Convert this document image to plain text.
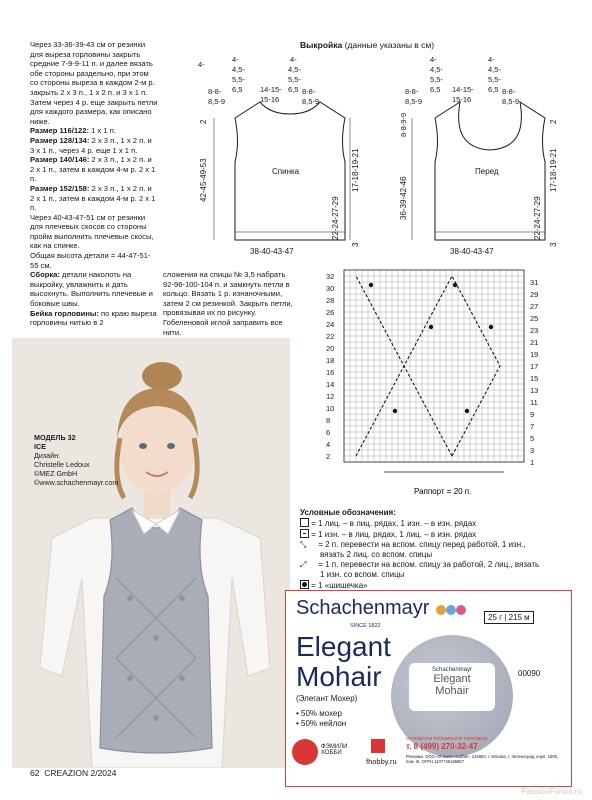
Через 33-36-39-43 см от резинки для выреза горловины закрыть средние 7-9-9-11 п. и далее вязать обе стороны раздельно, при этом со стороны выреза в каждом 2-м р. закрыть 2 х 3 п., 1 х 2 п. и 3 х 1 п. Затем через 4 р. еще закрыть петли для каждого размера, как описано ниже.

Размер 116/122: 1 х 1 п.

Размер 128/134: 2 х 3 п., 1 х 2 п. и 3 х 1 п., через 4 р. еще 1 х 1 п.

Размер 140/146: 2 х 3 п., 1 х 2 п. и 2 х 1 п., затем в каждом 4-м р. 2 х 1 п.

Размер 152/158: 2 х 3 п., 1 х 2 п. и 2 х 1 п., затем в каждом 4-м р. 2 х 1 п.

Через 40-43-47-51 см от резинки для плечевых скосов со стороны пройм выполнить плечевые скосы, как на спинке.

Общая высота детали = 44-47-51-55 см.

Сборка: детали наколоть на выкройку, увлажнить и дать высохнуть. Выполнить плечевые и боковые швы.

Бейка горловины: по краю выреза горловины нитью в 2

сложения на спицы № 3,5 набрать 92-96-100-104 п. и замкнуть петли в кольцо. Вязать 1 р. изнаночными, затем 2 см резинкой. Закрыть петли, провязывая их по рисунку. Гобеленовой иглой заправить все нити.
Выкройка (данные указаны в см)
Спинка
38-40-43-47
4-
4-
4,5-
5,5-
6,5
4-
4,5-
5,5-
6,5
8-8-
8,5-9
14-15-
15-16
8-8-
8,5-9
42-45-49-53	17-18-19-21
22-24-27-29
2
3
Перед
38-40-43-47
4-
4,5-
5,5-
6,5
4-
4,5-
5,5-
6,5
8-8-
8,5-9
14-15-
15-16
8-8-
8,5-9
8-8-9-9
36-39-42-46
17-18-19-21
22-24-27-29
2
3
32
30
28
26
24
22
20
18
16
14
12
10
8
6
4
2
31
29
27
25
23
21
19
17
15
13
11
9
7
5
3
1
Раппорт = 20 п.
Условные обозначения:
= 1 лиц. – в лиц. рядах, 1 изн. – в изн. рядах
= 1 изн. – в лиц. рядах, 1 лиц. – в изн. рядах
⤡ = 2 п. перевести на вспом. спицу перед работой, 1 изн., вязать 2 лиц. со вспом. спицы
⤢ = 1 п. перевести на вспом. спицу за работой, 2 лиц., вязать 1 изн. со вспом. спицы
= 1 «шишечка»
МОДЕЛЬ 32
ICE
Дизайн:
Christelle Ledoux
©MEZ GmbH
©www.schachenmayr.com
Schachenmayr
SINCE 1822
Elegant
Mohair
(Элегант Мохер)
25 г | 215 м
00090
Schachenmayr
Elegant
Mohair
• 50% мохер
• 50% нейлон
ФЭМИЛИ ХОББИ
fhobby.ru
ОПТОВАЯ И РОЗНИЧНАЯ ТОРГОВЛЯ
т. 8 (499) 270-32-47
Реклама. ООО «Фэмили Хобби». 124683, г. Москва, г. Зеленоград, корп. 1505, пом. III, ОГРН 1107746186857
62 CREAZION 2/2024
PassionForum.ru
